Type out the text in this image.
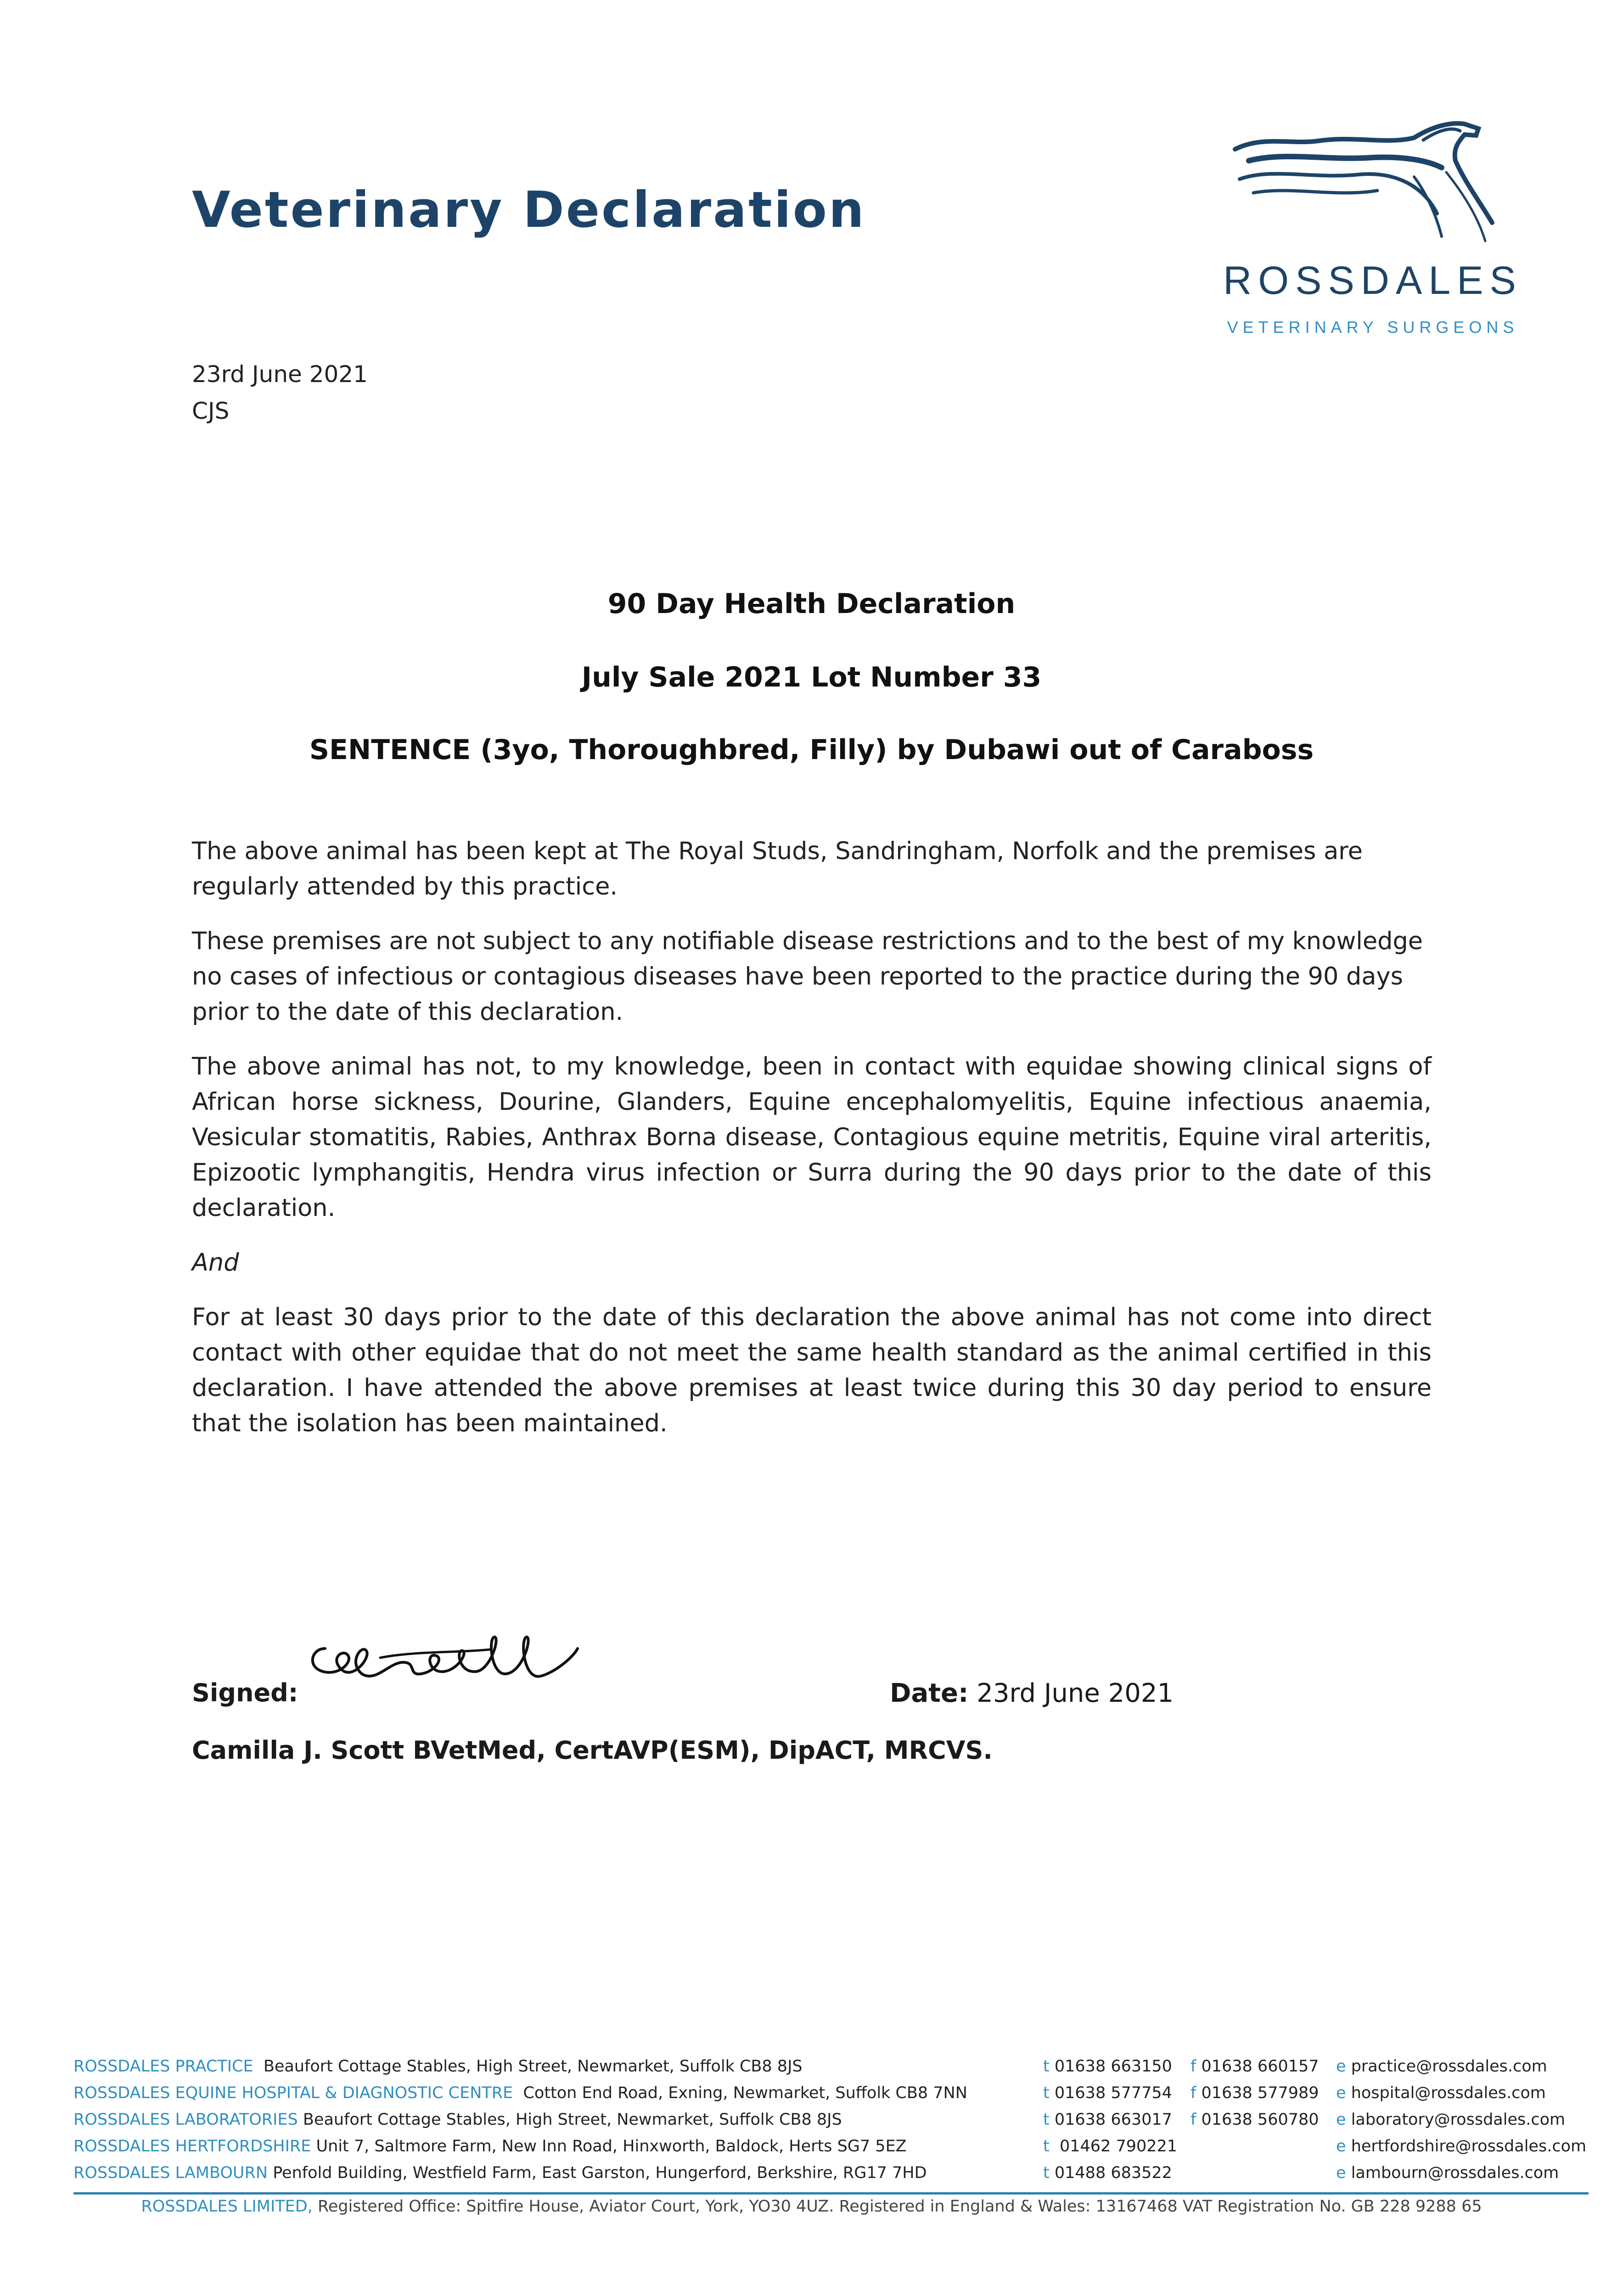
Veterinary Declaration
ROSSDALES
VETERINARY SURGEONS
23rd June 2021
CJS
90 Day Health Declaration
July Sale 2021 Lot Number 33
SENTENCE (3yo, Thoroughbred, Filly) by Dubawi out of Caraboss

The above animal has been kept at The Royal Studs, Sandringham, Norfolk and the premises are regularly attended by this practice.

These premises are not subject to any notifiable disease restrictions and to the best of my knowledge no cases of infectious or contagious diseases have been reported to the practice during the 90 days prior to the date of this declaration.

The above animal has not, to my knowledge, been in contact with equidae showing clinical signs of African horse sickness, Dourine, Glanders, Equine encephalomyelitis, Equine infectious anaemia, Vesicular stomatitis, Rabies, Anthrax Borna disease, Contagious equine metritis, Equine viral arteritis, Epizootic lymphangitis, Hendra virus infection or Surra during the 90 days prior to the date of this declaration.

And

For at least 30 days prior to the date of this declaration the above animal has not come into direct contact with other equidae that do not meet the same health standard as the animal certified in this declaration. I have attended the above premises at least twice during this 30 day period to ensure that the isolation has been maintained.

Signed:	Date: 23rd June 2021
Camilla J. Scott BVetMed, CertAVP(ESM), DipACT, MRCVS.
ROSSDALES PRACTICE Beaufort Cottage Stables, High Street, Newmarket, Suffolk CB8 8JS	t 01638 663150 f 01638 660157 e practice@rossdales.com
ROSSDALES EQUINE HOSPITAL & DIAGNOSTIC CENTRE Cotton End Road, Exning, Newmarket, Suffolk CB8 7NN	t 01638 577754 f 01638 577989 e hospital@rossdales.com
ROSSDALES LABORATORIES Beaufort Cottage Stables, High Street, Newmarket, Suffolk CB8 8JS	t 01638 663017 f 01638 560780 e laboratory@rossdales.com
ROSSDALES HERTFORDSHIRE Unit 7, Saltmore Farm, New Inn Road, Hinxworth, Baldock, Herts SG7 5EZ	t 01462 790221	e hertfordshire@rossdales.com
ROSSDALES LAMBOURN Penfold Building, Westfield Farm, East Garston, Hungerford, Berkshire, RG17 7HD	t 01488 683522	e lambourn@rossdales.com
ROSSDALES LIMITED, Registered Office: Spitfire House, Aviator Court, York, YO30 4UZ. Registered in England & Wales: 13167468 VAT Registration No. GB 228 9288 65
